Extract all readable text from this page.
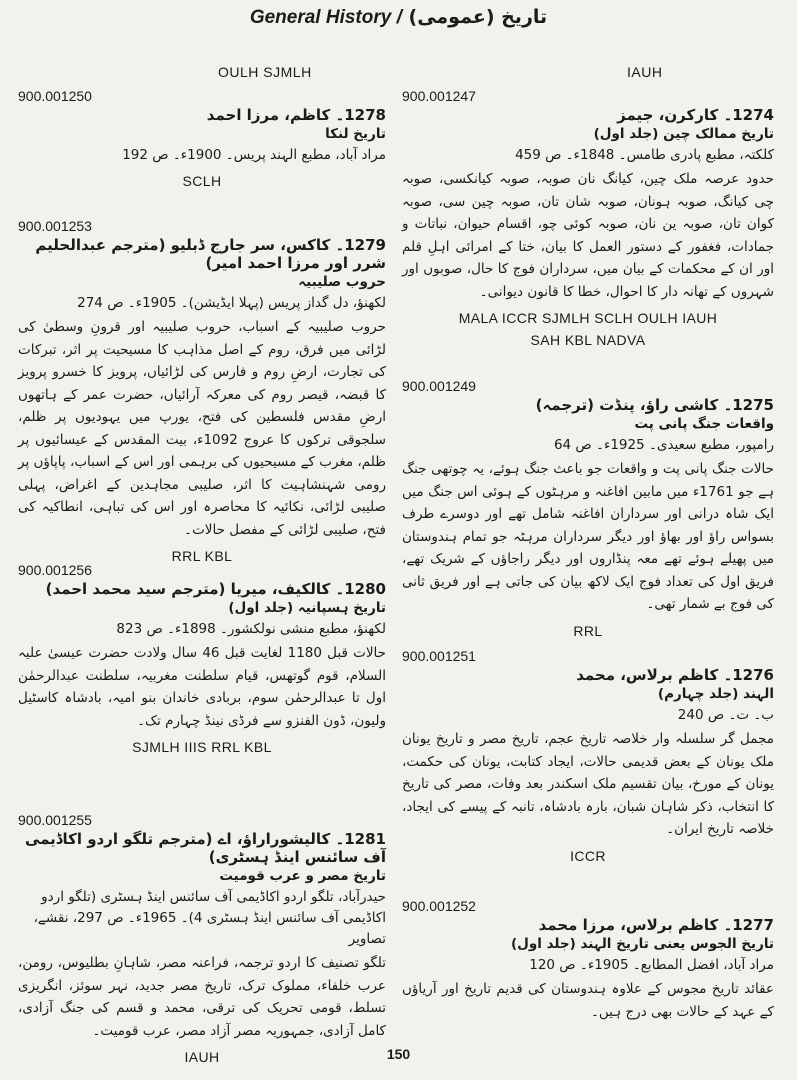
General History / تاریخ (عمومی)
OULH SJMLH
900.001250
1278۔ کاظم، مرزا احمد
تاریخ لنکا
مراد آباد، مطبع الہند پریس۔ 1900ء۔ ص 192
SCLH
900.001253
1279۔ کاکس، سر جارج ڈبلیو (مترجم عبدالحلیم شرر اور مرزا احمد امیر)
حروب صلیبیہ
لکھنؤ، دل گداز پریس (پہلا ایڈیشن)۔ 1905ء۔ ص 274
حروب صلیبیہ کے اسباب، حروب صلیبیہ اور قرونِ وسطیٰ کی لڑائی میں فرق، روم کے اصل مذاہب کا مسیحیت پر اثر، تبرکات کی تجارت، ارضِ روم و فارس کی لڑائیاں، پرویز کا خسرو پرویز کا قبضہ، قیصر روم کی معرکہ آرائیاں، حضرت عمر کے ہاتھوں ارضِ مقدس فلسطین کی فتح، یورپ میں یہودیوں پر ظلم، سلجوقی ترکوں کا عروج 1092ء، بیت المقدس کے عیسائیوں پر ظلم، مغرب کے مسیحیوں کی برہمی اور اس کے اسباب، پاپاؤں پر رومی شہنشاہیت کا اثر، صلیبی مجاہدین کے اغراض، پہلی صلیبی لڑائی، نکائیہ کا محاصرہ اور اس کی تباہی، انطاکیہ کی فتح، صلیبی لڑائی کے مفصل حالات۔
RRL KBL
900.001256
1280۔ کالکیف، میریا (مترجم سید محمد احمد)
تاریخ ہسپانیہ (جلد اول)
لکھنؤ، مطبع منشی نولکشور۔ 1898ء۔ ص 823
حالات قبل 1180 لغایت قبل 46 سال ولادت حضرت عیسیٰ علیہ السلام، قوم گوتھس، قیام سلطنت مغربیہ، سلطنت عبدالرحمٰن اول تا عبدالرحمٰن سوم، بربادی خاندان بنو امیہ، بادشاہ کاسٹیل ولیون، ڈون الفنزو سے فرڈی نینڈ چہارم تک۔
SJMLH IIIS RRL KBL
900.001255
1281۔ کالیشوراراؤ، اے (مترجم تلگو اردو اکاڈیمی آف سائنس اینڈ ہسٹری)
تاریخ مصر و عرب قومیت
حیدرآباد، تلگو اردو اکاڈیمی آف سائنس اینڈ ہسٹری (تلگو اردو اکاڈیمی آف سائنس اینڈ ہسٹری 4)۔ 1965ء۔ ص 297، نقشے، تصاویر
تلگو تصنیف کا اردو ترجمہ، فراعنہ مصر، شاہانِ بطلیوس، رومن، عرب خلفاء، مملوک ترک، تاریخ مصر جدید، نہر سوئز، انگریزی تسلط، قومی تحریک کی ترقی، محمد و قسم کی جنگ آزادی، کامل آزادی، جمہوریہ مصر آزاد مصر، عرب قومیت۔
IAUH
IAUH
900.001247
1274۔ کارکرن، جیمز
تاریخ ممالک چین (جلد اول)
کلکتہ، مطبع پادری طامس۔ 1848ء۔ ص 459
حدود عرصہ ملک چین، کیانگ نان صوبہ، صوبہ کیانکسی، صوبہ چی کیانگ، صوبہ ہونان، صوبہ شان تان، صوبہ چین سی، صوبہ کوان تان، صوبہ ین نان، صوبہ کوئی چو، اقسام حیوان، نباتات و جمادات، فغفور کے دستور العمل کا بیان، ختا کے امرائی اہلِ قلم اور ان کے محکمات کے بیان میں، سرداران فوج کا حال، صوبوں اور شہروں کے تھانہ دار کا احوال، خطا کا قانون دیوانی۔
MALA ICCR SJMLH SCLH OULH IAUH
SAH KBL NADVA
900.001249
1275۔ کاشی راؤ، پنڈت (ترجمہ)
واقعات جنگ پانی پت
رامپور، مطبع سعیدی۔ 1925ء۔ ص 64
حالات جنگ پانی پت و واقعات جو باعث جنگ ہوئے، یہ چوتھی جنگ ہے جو 1761ء میں مابین افاغنہ و مرہٹوں کے ہوئی اس جنگ میں ایک شاہ درانی اور سرداران افاغنہ شامل تھے اور دوسرے طرف بسواس راؤ اور بھاؤ اور دیگر سرداران مرہٹہ جو تمام ہندوستان میں پھیلے ہوئے تھے معہ پنڈاروں اور دیگر راجاؤں کے شریک تھے، فریق اول کی تعداد فوج ایک لاکھ بیان کی جاتی ہے اور فریق ثانی کی فوج بے شمار تھی۔
RRL
900.001251
1276۔ کاظم برلاس، محمد
الہند (جلد چہارم)
ب۔ ت۔ ص 240
مجمل گر سلسلہ وار خلاصہ تاریخ عجم، تاریخ مصر و تاریخ یونان ملک یونان کے بعض قدیمی حالات، ایجاد کتابت، یونان کی حکمت، یونان کے مورخ، بیان تقسیم ملک اسکندر بعد وفات، مصر کی تاریخ کا انتخاب، ذکر شاہان شبان، بارہ بادشاہ، تانبہ کے پیسے کی ایجاد، خلاصہ تاریخ ایران۔
ICCR
900.001252
1277۔ کاظم برلاس، مرزا محمد
تاریخ الجوس یعنی تاریخ الہند (جلد اول)
مراد آباد، افضل المطابع۔ 1905ء۔ ص 120
عقائد تاریخ مجوس کے علاوہ ہندوستان کی قدیم تاریخ اور آریاؤں کے عہد کے حالات بھی درج ہیں۔
150
